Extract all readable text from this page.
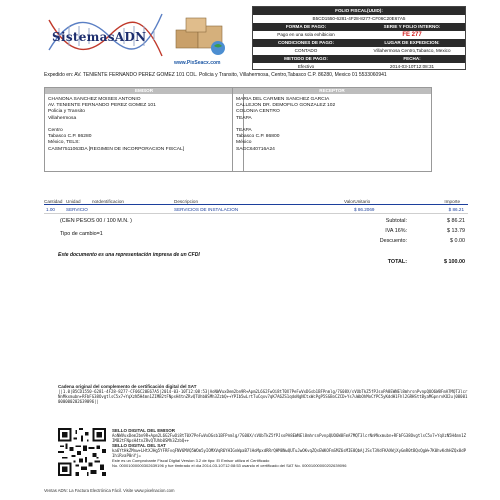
SistemasADN
www.PixSeacx.com
FOLIO FISCAL(UUID):
B5CD1550-6281-4F28-8277-CF06C20E67A5
FORMA DE PAGO:	SERIE Y FOLIO INTERNO:
Pago en una sola exhibicion	FE 277
CONDICIONES DE PAGO:	LUGAR DE EXPEDICION:
CONTADO	Villahermosa Centro,Tabasco, Mexico
METODO DE PAGO:	FECHA:
Efectivo	2014-03-10T12:08:31
Expedido en: AV. TENIENTE FERNANDO PEREZ GOMEZ 101 COL. Policia y Transito, Villahermosa, Centro,Tabasco C.P. 86280, Mexico 01 5533060941
EMISOR
CHANONA SANCHEZ MOISES ANTONIO
AV. TENIENTE FERNANDO PEREZ GOMEZ 101
Policia y Transito
Villahermosa

Centro
Tabasco C.P. 86280
México, TELS:
CASM7511063DA [REGIMEN DE INCORPORACION FISCAL]
RECEPTOR
MARIA DEL CARMEN SANCHEZ GARCIA
CALLEJON DR. DEMOFILO GONZALEZ 102
COLONIA CENTRO
TEAPA

TEAPA
Tabasco C.P. 86800
México
SAGC640716A24
Cantidad Unidad noIdentificacion	Descripcion	ValorUnitario	Importe
1.00 SERVICIO	SERVICIOS DE INSTALACION	$ 86.2069	$ 86.21
(CIEN PESOS 00 / 100 M.N. )
Tipo de cambio=1
Subtotal:	$ 86.21
IVA 16%:	$ 13.79
Descuento:	$ 0.00
Este documento es una representación impresa de un CFDI
TOTAL:	$ 100.00
Cadena original del complemento de certificación digital del SAT
||1.0|B5CD1550-6281-4F28-8277-CF06C20E67A5|2014-03-10T12:08:53|AoNWVuxDem2bn9R+Apm2L6G2FwOi8tT0X7PeFwVxDGsb1BFPnmlg/7G08X/sVUbTkZ5fPJsoPA8EWNEl8mhrsnPvnpQUO6W8FmA7MQT3lcrNnMkxmubn+RFbFG38OvgtlsC5x7+YqXzN5H4mn1ZIMB2tFNpsH4tnZRvQTUhb0SMh3ZzbQ++YPIb5wLrtTuCqxv7qK7A6ZS1qdoNgNCtxWcPgP5SGBoCZCD+Ys7uWbOhMoCfPC5yKddH1Fhl2GRHSttByaMGpnrvKO2u|00001000000202639096||
SELLO DIGITAL DEL EMISOR
AoNWVuxDem2bn9R+Apm2L6G2FwOi8tT0X7PeFwVxDGsb1BFPnmlg/7G08X/sVUbTkZ5fPJsoPA8EWNEl8mhrsnPvnpQUO6W8FmA7MQT3lcrNnMkxmubn+RFbFG38OvgtlsC5x7+YqXzN5H4mn1ZIMB2tFNpsH4tnZRvQTUhb0SMh3ZzbQ++
SELLO DIGITAL DEL SAT
ka6YtHkZMnw+LHtXJHg5YFRFvqFNV6MVQ5WOm5yIOMXVqR6YHIGnWpaB7lHoMpxdRRrQHM8NwQUTuJwOKvqZQsEWKOFmSMZ6sMIE8QbAjJSsT3VdFKAXWjXyGmR0tBQsQgW+7K0hvKdhHZQx8dP1hiRvaP0nYj=
Este es un Comprobante Fiscal Digital Version 3.2 de tipo: El Emisor utiliza el Certificado
No. 00001000000302639196 y fue timbrado el día 2014-03-10T12:08:53 usando el certificado del SAT No. 00001000000202639096
Ventas ADN: La Factura Electrónica Fácil. Visite www.pixelnacion.com
